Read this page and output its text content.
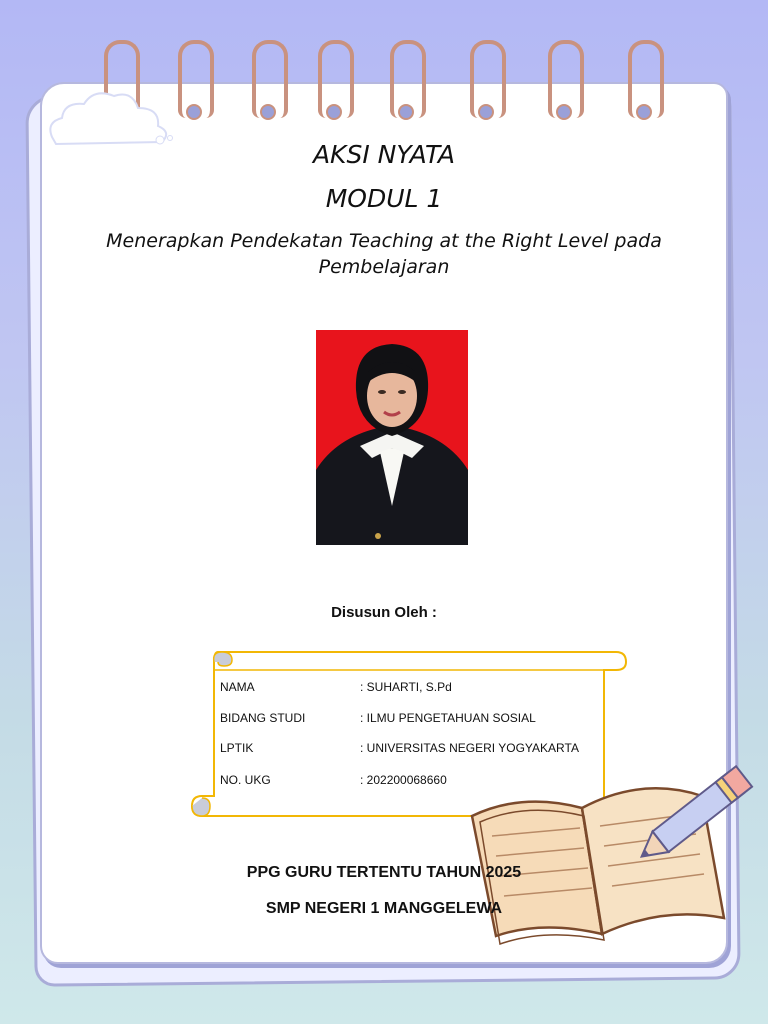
AKSI NYATA
MODUL 1
Menerapkan Pendekatan Teaching at the Right Level pada
Pembelajaran
Disusun Oleh :
NAMA	: SUHARTI, S.Pd
BIDANG STUDI	: ILMU PENGETAHUAN SOSIAL
LPTIK	: UNIVERSITAS NEGERI YOGYAKARTA
NO. UKG	: 202200068660
PPG GURU TERTENTU TAHUN 2025
SMP NEGERI 1 MANGGELEWA
